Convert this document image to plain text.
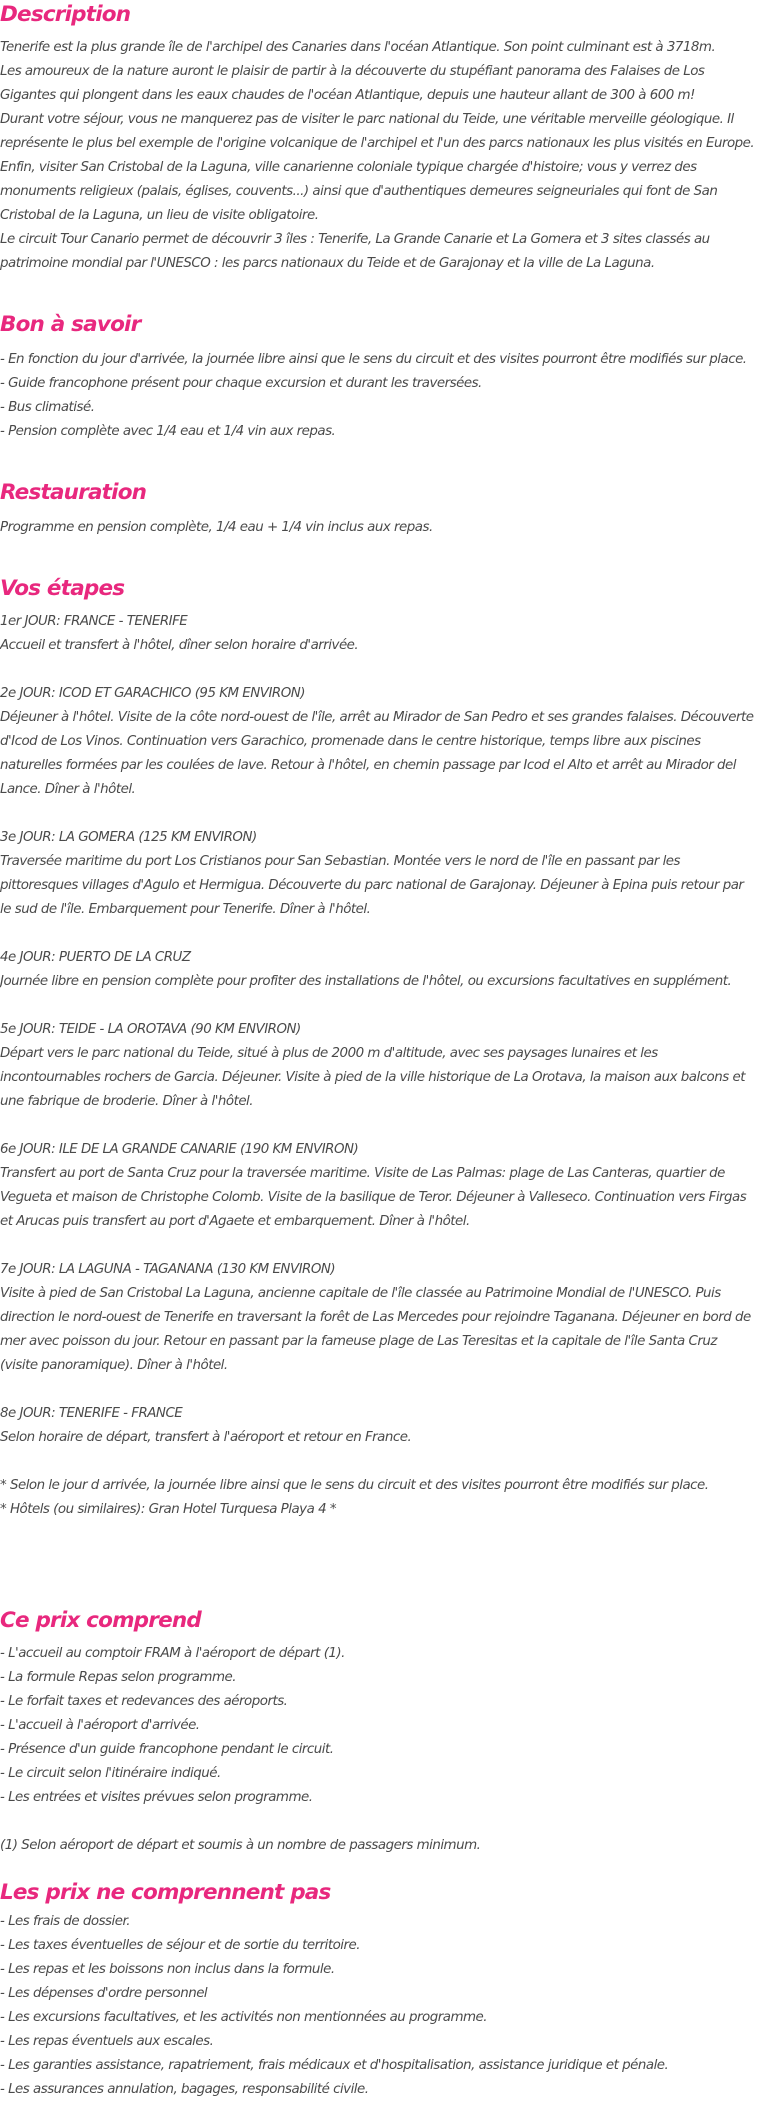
Description

Tenerife est la plus grande île de l'archipel des Canaries dans l'océan Atlantique. Son point culminant est à 3718m.

Les amoureux de la nature auront le plaisir de partir à la découverte du stupéfiant panorama des Falaises de Los Gigantes qui plongent dans les eaux chaudes de l'océan Atlantique, depuis une hauteur allant de 300 à 600 m!

Durant votre séjour, vous ne manquerez pas de visiter le parc national du Teide, une véritable merveille géologique. Il représente le plus bel exemple de l'origine volcanique de l'archipel et l'un des parcs nationaux les plus visités en Europe.

Enfin, visiter San Cristobal de la Laguna, ville canarienne coloniale typique chargée d'histoire; vous y verrez des monuments religieux (palais, églises, couvents...) ainsi que d'authentiques demeures seigneuriales qui font de San Cristobal de la Laguna, un lieu de visite obligatoire.

Le circuit Tour Canario permet de découvrir 3 îles : Tenerife, La Grande Canarie et La Gomera et 3 sites classés au patrimoine mondial par l'UNESCO : les parcs nationaux du Teide et de Garajonay et la ville de La Laguna.

Bon à savoir

- En fonction du jour d'arrivée, la journée libre ainsi que le sens du circuit et des visites pourront être modifiés sur place.

- Guide francophone présent pour chaque excursion et durant les traversées.

- Bus climatisé.

- Pension complète avec 1/4 eau et 1/4 vin aux repas.

Restauration

Programme en pension complète, 1/4 eau + 1/4 vin inclus aux repas.

Vos étapes

1er JOUR: FRANCE - TENERIFE

Accueil et transfert à l'hôtel, dîner selon horaire d'arrivée.

2e JOUR: ICOD ET GARACHICO (95 KM ENVIRON)

Déjeuner à l'hôtel. Visite de la côte nord-ouest de l'île, arrêt au Mirador de San Pedro et ses grandes falaises. Découverte d'Icod de Los Vinos. Continuation vers Garachico, promenade dans le centre historique, temps libre aux piscines naturelles formées par les coulées de lave. Retour à l'hôtel, en chemin passage par Icod el Alto et arrêt au Mirador del Lance. Dîner à l'hôtel.

3e JOUR: LA GOMERA (125 KM ENVIRON)

Traversée maritime du port Los Cristianos pour San Sebastian. Montée vers le nord de l'île en passant par les pittoresques villages d'Agulo et Hermigua. Découverte du parc national de Garajonay. Déjeuner à Epina puis retour par le sud de l'île. Embarquement pour Tenerife. Dîner à l'hôtel.

4e JOUR: PUERTO DE LA CRUZ

Journée libre en pension complète pour profiter des installations de l'hôtel, ou excursions facultatives en supplément.

5e JOUR: TEIDE - LA OROTAVA (90 KM ENVIRON)

Départ vers le parc national du Teide, situé à plus de 2000 m d'altitude, avec ses paysages lunaires et les incontournables rochers de Garcia. Déjeuner. Visite à pied de la ville historique de La Orotava, la maison aux balcons et une fabrique de broderie. Dîner à l'hôtel.

6e JOUR: ILE DE LA GRANDE CANARIE (190 KM ENVIRON)

Transfert au port de Santa Cruz pour la traversée maritime. Visite de Las Palmas: plage de Las Canteras, quartier de Vegueta et maison de Christophe Colomb. Visite de la basilique de Teror. Déjeuner à Valleseco. Continuation vers Firgas et Arucas puis transfert au port d'Agaete et embarquement. Dîner à l'hôtel.

7e JOUR: LA LAGUNA - TAGANANA (130 KM ENVIRON)

Visite à pied de San Cristobal La Laguna, ancienne capitale de l'île classée au Patrimoine Mondial de l'UNESCO. Puis direction le nord-ouest de Tenerife en traversant la forêt de Las Mercedes pour rejoindre Taganana. Déjeuner en bord de mer avec poisson du jour. Retour en passant par la fameuse plage de Las Teresitas et la capitale de l'île Santa Cruz (visite panoramique). Dîner à l'hôtel.

8e JOUR: TENERIFE - FRANCE

Selon horaire de départ, transfert à l'aéroport et retour en France.

* Selon le jour d arrivée, la journée libre ainsi que le sens du circuit et des visites pourront être modifiés sur place.

* Hôtels (ou similaires): Gran Hotel Turquesa Playa 4 *

Ce prix comprend

- L'accueil au comptoir FRAM à l'aéroport de départ (1).

- La formule Repas selon programme.

- Le forfait taxes et redevances des aéroports.

- L'accueil à l'aéroport d'arrivée.

- Présence d'un guide francophone pendant le circuit.

- Le circuit selon l'itinéraire indiqué.

- Les entrées et visites prévues selon programme.

(1) Selon aéroport de départ et soumis à un nombre de passagers minimum.

Les prix ne comprennent pas

- Les frais de dossier.

- Les taxes éventuelles de séjour et de sortie du territoire.

- Les repas et les boissons non inclus dans la formule.

- Les dépenses d'ordre personnel

- Les excursions facultatives, et les activités non mentionnées au programme.

- Les repas éventuels aux escales.

- Les garanties assistance, rapatriement, frais médicaux et d'hospitalisation, assistance juridique et pénale.

- Les assurances annulation, bagages, responsabilité civile.
